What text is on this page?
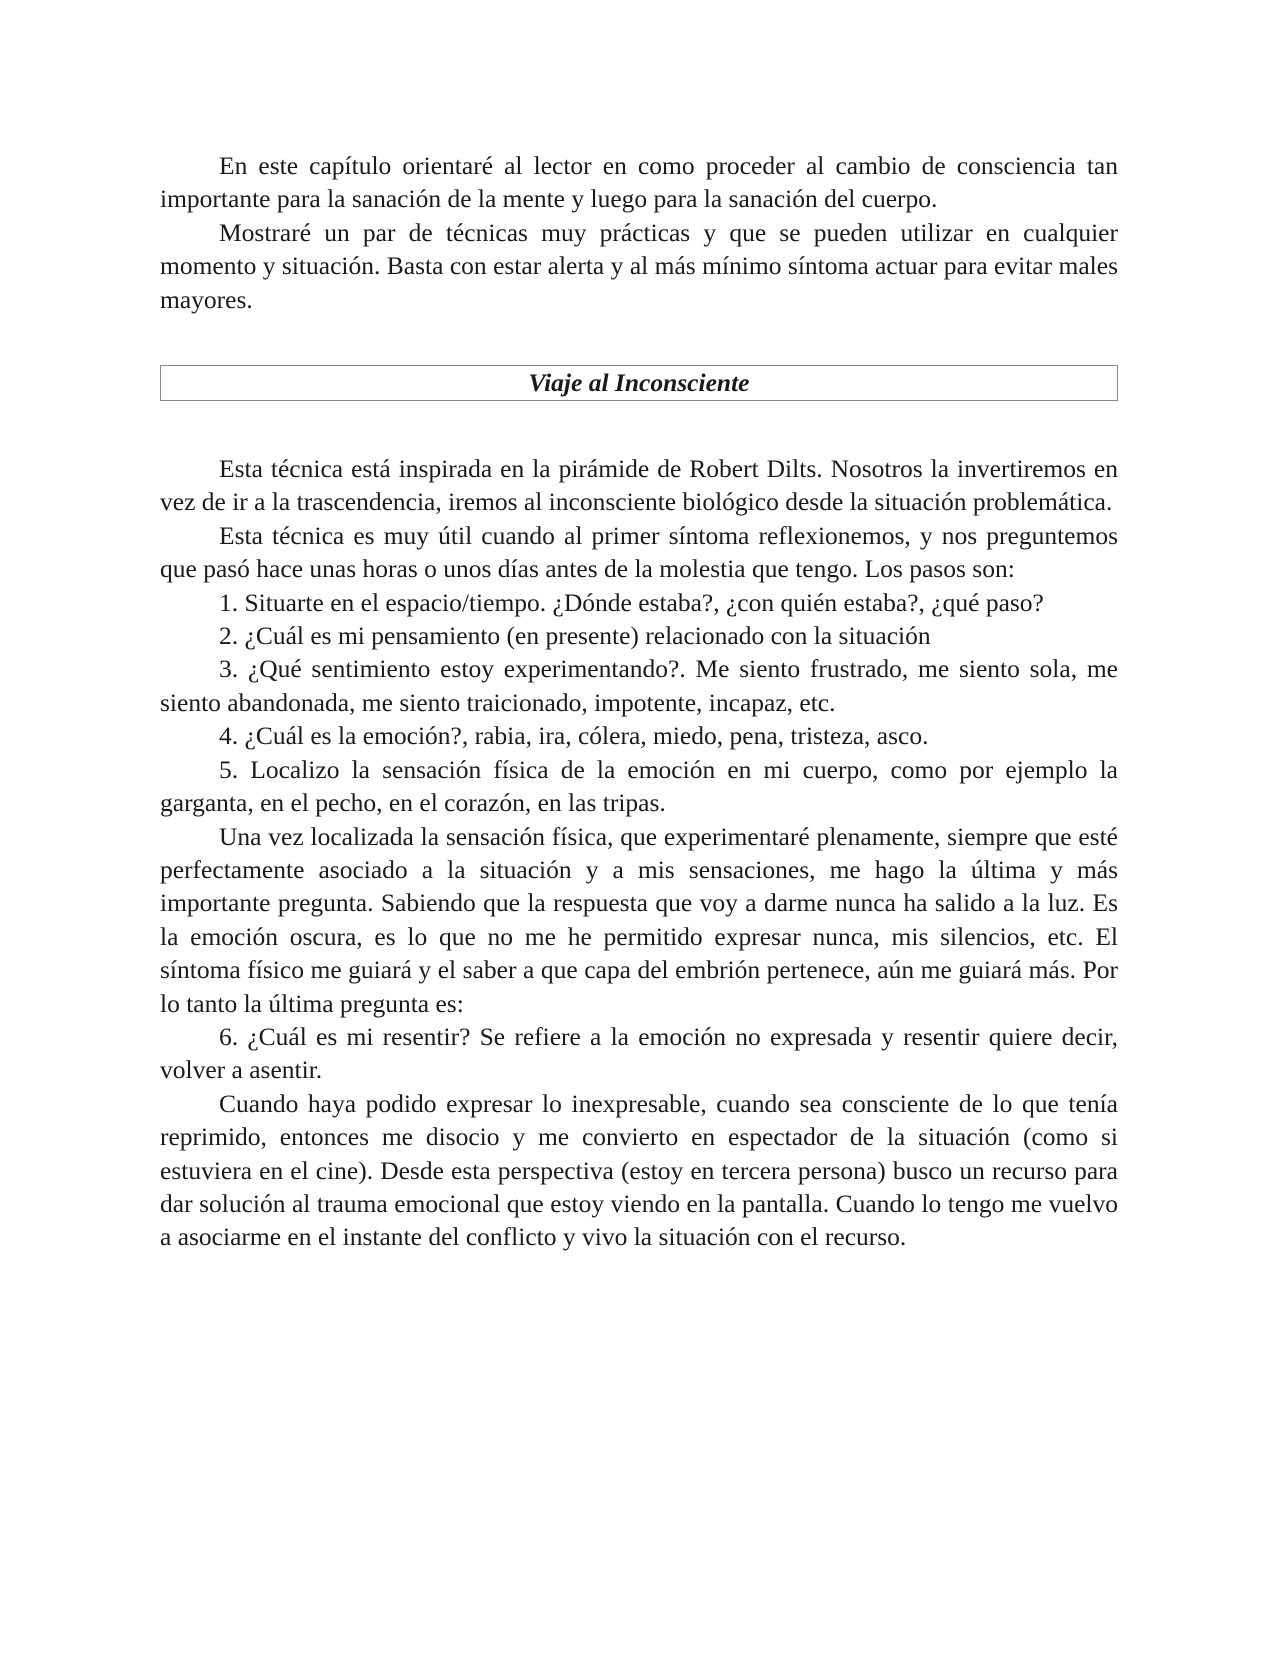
En este capítulo orientaré al lector en como proceder al cambio de consciencia tan importante para la sanación de la mente y luego para la sanación del cuerpo.

Mostraré un par de técnicas muy prácticas y que se pueden utilizar en cualquier momento y situación. Basta con estar alerta y al más mínimo síntoma actuar para evitar males mayores.

Viaje al Inconsciente

Esta técnica está inspirada en la pirámide de Robert Dilts. Nosotros la invertiremos en vez de ir a la trascendencia, iremos al inconsciente biológico desde la situación problemática.

Esta técnica es muy útil cuando al primer síntoma reflexionemos, y nos preguntemos que pasó hace unas horas o unos días antes de la molestia que tengo. Los pasos son:

1. Situarte en el espacio/tiempo. ¿Dónde estaba?, ¿con quién estaba?, ¿qué paso?

2. ¿Cuál es mi pensamiento (en presente) relacionado con la situación

3. ¿Qué sentimiento estoy experimentando?. Me siento frustrado, me siento sola, me siento abandonada, me siento traicionado, impotente, incapaz, etc.

4. ¿Cuál es la emoción?, rabia, ira, cólera, miedo, pena, tristeza, asco.

5. Localizo la sensación física de la emoción en mi cuerpo, como por ejemplo la garganta, en el pecho, en el corazón, en las tripas.

Una vez localizada la sensación física, que experimentaré plenamente, siempre que esté perfectamente asociado a la situación y a mis sensaciones, me hago la última y más importante pregunta. Sabiendo que la respuesta que voy a darme nunca ha salido a la luz. Es la emoción oscura, es lo que no me he permitido expresar nunca, mis silencios, etc. El síntoma físico me guiará y el saber a que capa del embrión pertenece, aún me guiará más. Por lo tanto la última pregunta es:

6. ¿Cuál es mi resentir? Se refiere a la emoción no expresada y resentir quiere decir, volver a asentir.

Cuando haya podido expresar lo inexpresable, cuando sea consciente de lo que tenía reprimido, entonces me disocio y me convierto en espectador de la situación (como si estuviera en el cine). Desde esta perspectiva (estoy en tercera persona) busco un recurso para dar solución al trauma emocional que estoy viendo en la pantalla. Cuando lo tengo me vuelvo a asociarme en el instante del conflicto y vivo la situación con el recurso.
